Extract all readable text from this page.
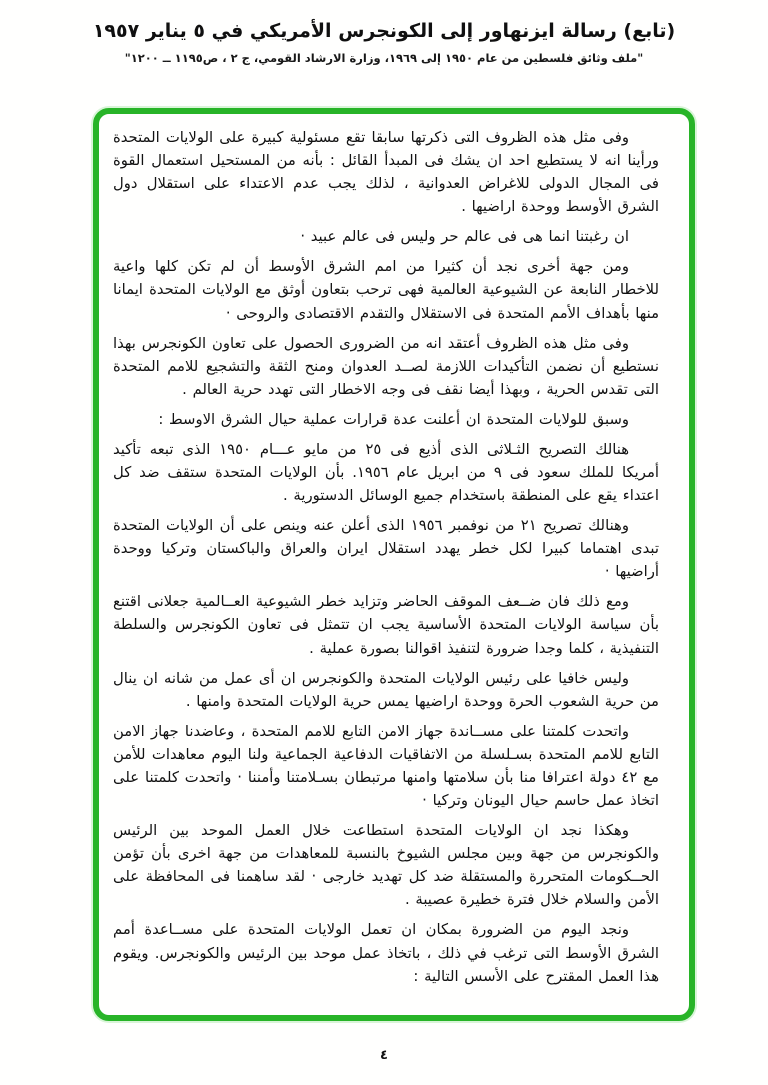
(تابع) رسالة ايزنهاور إلى الكونجرس الأمريكي في ٥ يناير ١٩٥٧
"ملف وثائق فلسطين من عام ١٩٥٠ إلى ١٩٦٩، وزارة الارشاد القومي، ج ٢ ، ص١١٩٥ ــ ١٢٠٠"

وفى مثل هذه الظروف التى ذكرتها سابقا تقع مسئولية كبيرة على الولايات المتحدة ورأينا انه لا يستطيع احد ان يشك فى المبدأ القائل : بأنه من المستحيل استعمال القوة فى المجال الدولى للاغراض العدوانية ، لذلك يجب عدم الاعتداء على استقلال دول الشرق الأوسط ووحدة اراضيها .

ان رغبتنا انما هى فى عالم حر وليس فى عالم عبيد ·

ومن جهة أخرى نجد أن كثيرا من امم الشرق الأوسط أن لم تكن كلها واعية للاخطار النابعة عن الشيوعية العالمية فهى ترحب بتعاون أوثق مع الولايات المتحدة ايمانا منها بأهداف الأمم المتحدة فى الاستقلال والتقدم الاقتصادى والروحى ·

وفى مثل هذه الظروف أعتقد انه من الضرورى الحصول على تعاون الكونجرس بهذا نستطيع أن نضمن التأكيدات اللازمة لصــد العدوان ومنح الثقة والتشجيع للامم المتحدة التى تقدس الحرية ، وبهذا أيضا نقف فى وجه الاخطار التى تهدد حرية العالم .

وسبق للولايات المتحدة ان أعلنت عدة قرارات عملية حيال الشرق الاوسط :

هنالك التصريح الثـلاثى الذى أذيع فى ٢٥ من مايو عـــام ١٩٥٠ الذى تبعه تأكيد أمريكا للملك سعود فى ٩ من ابريل عام ١٩٥٦. بأن الولايات المتحدة ستقف ضد كل اعتداء يقع على المنطقة باستخدام جميع الوسائل الدستورية .

وهنالك تصريح ٢١ من نوفمبر ١٩٥٦ الذى أعلن عنه وينص على أن الولايات المتحدة تبدى اهتماما كبيرا لكل خطر يهدد استقلال ايران والعراق والباكستان وتركيا ووحدة أراضيها ·

ومع ذلك فان ضــعف الموقف الحاضر وتزايد خطر الشيوعية العــالمية جعلانى اقتنع بأن سياسة الولايات المتحدة الأساسية يجب ان تتمثل فى تعاون الكونجرس والسلطة التنفيذية ، كلما وجدا ضرورة لتنفيذ اقوالنا بصورة عملية .

وليس خافيا على رئيس الولايات المتحدة والكونجرس ان أى عمل من شانه ان ينال من حرية الشعوب الحرة ووحدة اراضيها يمس حرية الولايات المتحدة وامنها .

واتحدت كلمتنا على مســاندة جهاز الامن التابع للامم المتحدة ، وعاضدنا جهاز الامن التابع للامم المتحدة بسـلسلة من الاتفاقيات الدفاعية الجماعية ولنا اليوم معاهدات للأمن مع ٤٢ دولة اعترافا منا بأن سلامتها وامنها مرتبطان بسـلامتنا وأمننا · واتحدت كلمتنا على اتخاذ عمل حاسم حيال اليونان وتركيا ·

وهكذا نجد ان الولايات المتحدة استطاعت خلال العمل الموحد بين الرئيس والكونجرس من جهة وبين مجلس الشيوخ بالنسبة للمعاهدات من جهة اخرى بأن تؤمن الحــكومات المتحررة والمستقلة ضد كل تهديد خارجى · لقد ساهمنا فى المحافظة على الأمن والسلام خلال فترة خطيرة عصيبة .

ونجد اليوم من الضرورة بمكان ان تعمل الولايات المتحدة على مســاعدة أمم الشرق الأوسط التى ترغب في ذلك ، باتخاذ عمل موحد بين الرئيس والكونجرس. ويقوم هذا العمل المقترح على الأسس التالية :

٤
